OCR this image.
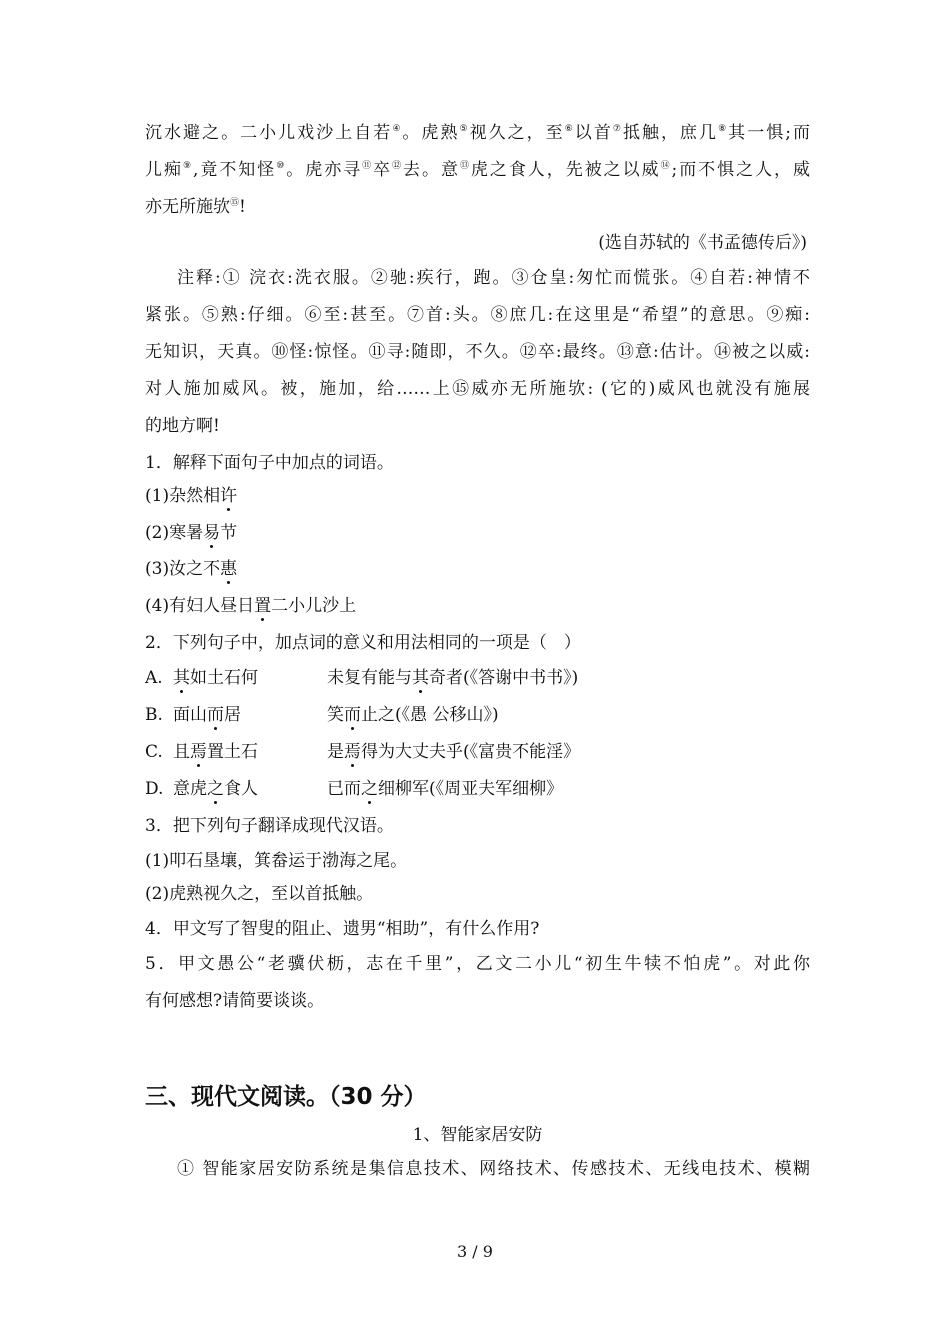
沉水避之。二小儿戏沙上自若④。虎熟⑤视久之，至⑥以首⑦抵触，庶几⑧其一惧;而
儿痴⑨,竟不知怪⑩。虎亦寻⑪卒⑫去。意⑬虎之食人，先被之以威⑭;而不惧之人，威
亦无所施欤⑮!
(选自苏轼的《书孟德传后》)
注释:① 浣衣:洗衣服。②驰:疾行，跑。③仓皇:匆忙而慌张。④自若:神情不
紧张。⑤熟:仔细。⑥至:甚至。⑦首:头。⑧庶几:在这里是“希望”的意思。⑨痴:
无知识，天真。⑩怪:惊怪。⑪寻:随即，不久。⑫卒:最终。⑬意:估计。⑭被之以威:
对人施加威风。被，施加，给……上⑮威亦无所施欤: (它的)威风也就没有施展
的地方啊!
1．解释下面句子中加点的词语。
(1)杂然相许
(2)寒暑易节
(3)汝之不惠
(4)有妇人昼日置二小儿沙上
2．下列句子中，加点词的意义和用法相同的一项是（　）
A. 其如土石何	未复有能与其奇者(《答谢中书书》)
B. 面山而居	笑而止之(《愚 公移山》)
C. 且焉置土石	是焉得为大丈夫乎(《富贵不能淫》
D. 意虎之食人	已而之细柳军(《周亚夫军细柳》
3．把下列句子翻译成现代汉语。
(1)叩石垦壤，箕畚运于渤海之尾。
(2)虎熟视久之，至以首抵触。
4．甲文写了智叟的阻止、遗男“相助”，有什么作用?
5．甲文愚公“老骥伏枥，志在千里”，乙文二小儿“初生牛犊不怕虎”。对此你
有何感想?请简要谈谈。
三、现代文阅读。（30 分）
1、智能家居安防
① 智能家居安防系统是集信息技术、网络技术、传感技术、无线电技术、模糊
3 / 9
